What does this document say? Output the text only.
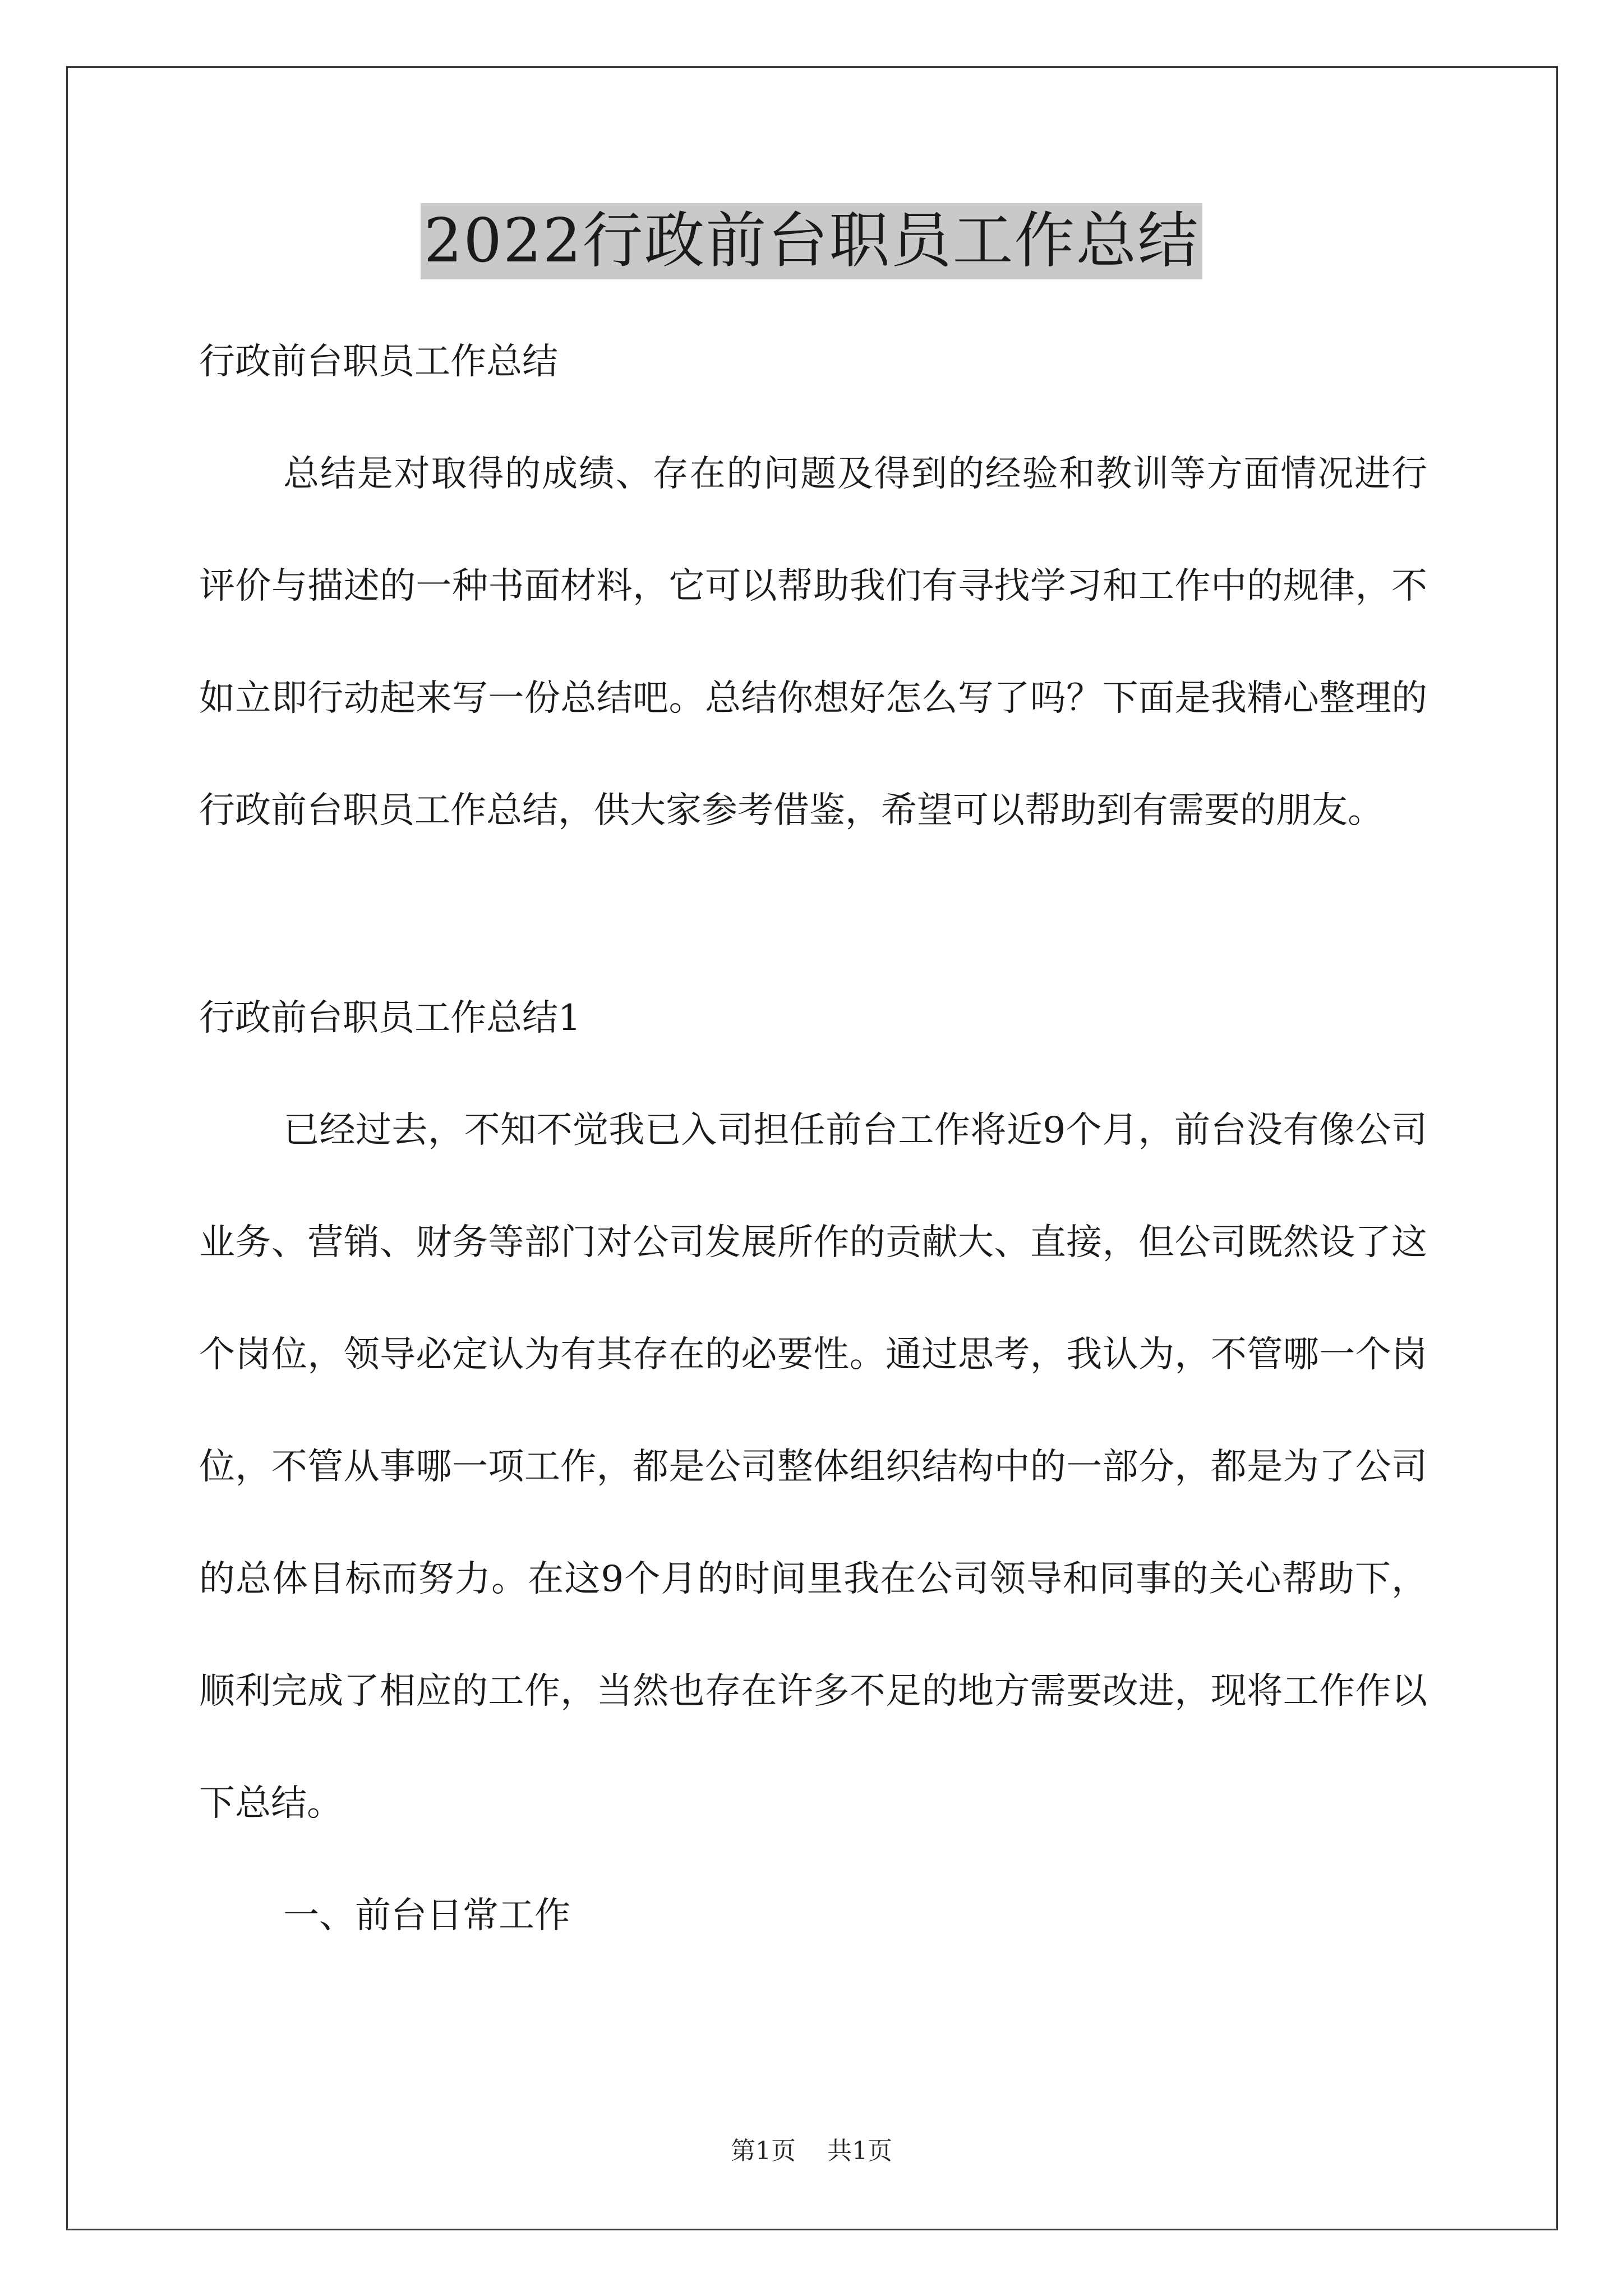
2022行政前台职员工作总结

行政前台职员工作总结

总结是对取得的成绩、存在的问题及得到的经验和教训等方面情况进行评价与描述的一种书面材料，它可以帮助我们有寻找学习和工作中的规律，不如立即行动起来写一份总结吧。总结你想好怎么写了吗？下面是我精心整理的行政前台职员工作总结，供大家参考借鉴，希望可以帮助到有需要的朋友。

行政前台职员工作总结1

已经过去，不知不觉我已入司担任前台工作将近9个月，前台没有像公司业务、营销、财务等部门对公司发展所作的贡献大、直接，但公司既然设了这个岗位，领导必定认为有其存在的必要性。通过思考，我认为，不管哪一个岗位，不管从事哪一项工作，都是公司整体组织结构中的一部分，都是为了公司的总体目标而努力。在这9个月的时间里我在公司领导和同事的关心帮助下，顺利完成了相应的工作，当然也存在许多不足的地方需要改进，现将工作作以下总结。

一、前台日常工作

第1页 共1页
